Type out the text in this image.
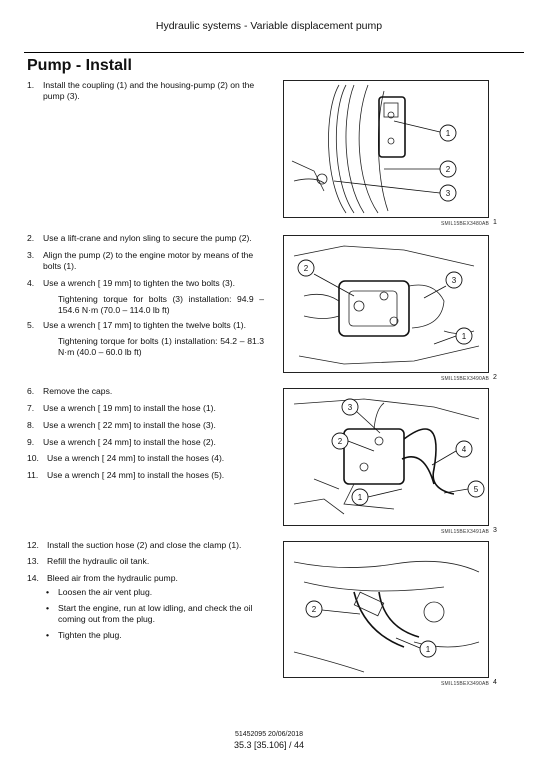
Hydraulic systems - Variable displacement pump
Pump - Install
1.	Install the coupling (1) and the housing-pump (2) on the pump (3).
2.	Use a lift-crane and nylon sling to secure the pump (2).
3.	Align the pump (2) to the engine motor by means of the bolts (1).
4.	Use a wrench [ 19 mm] to tighten the two bolts (3).
Tightening torque for bolts (3) installation: 94.9 – 154.6 N·m (70.0 – 114.0 lb ft)
5.	Use a wrench [ 17 mm] to tighten the twelve bolts (1).
Tightening torque for bolts (1) installation: 54.2 – 81.3 N·m (40.0 – 60.0 lb ft)
6.	Remove the caps.
7.	Use a wrench [ 19 mm] to install the hose (1).
8.	Use a wrench [ 22 mm] to install the hose (3).
9.	Use a wrench [ 24 mm] to install the hose (2).
10. Use a wrench [ 24 mm] to install the hoses (4).
11.	Use a wrench [ 24 mm] to install the hoses (5).
12. Install the suction hose (2) and close the clamp (1).
13. Refill the hydraulic oil tank.
14. Bleed air from the hydraulic pump.
•	Loosen the air vent plug.
•	Start the engine, run at low idling, and check the oil coming out from the plug.
•	Tighten the plug.
1
2
3
SMIL15BEX3480AB 1
2
3
1
SMIL15BEX3490AB 2
3
2
4
1
5
SMIL15BEX3491AB 3
2
1
SMIL15BEX3490AB 4
51452095 20/06/2018
35.3 [35.106] / 44
